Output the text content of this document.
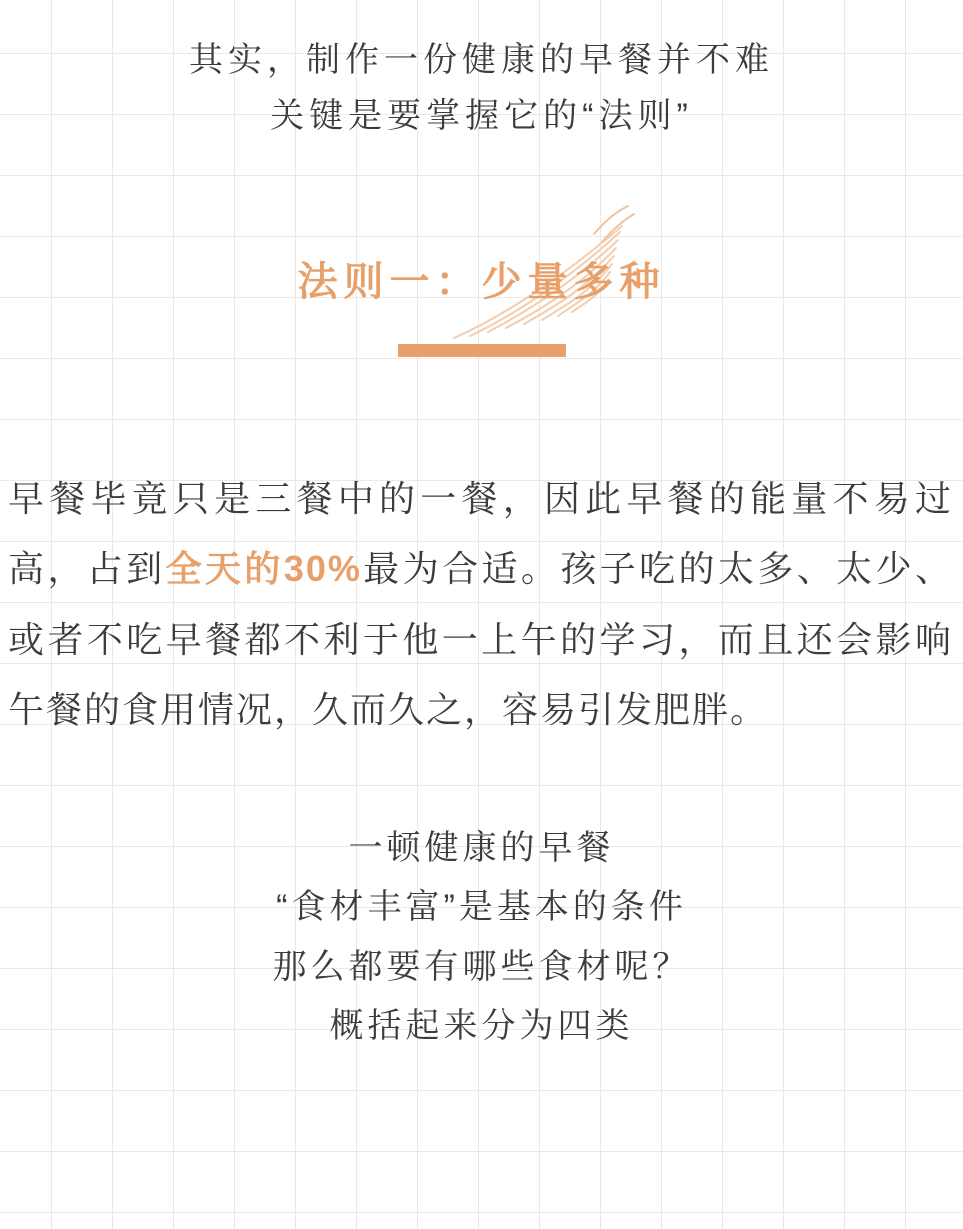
其实，制作一份健康的早餐并不难
关键是要掌握它的“法则”
法则一：少量多种
早餐毕竟只是三餐中的一餐，因此早餐的能量不易过高，占到全天的30%最为合适。孩子吃的太多、太少、或者不吃早餐都不利于他一上午的学习，而且还会影响午餐的食用情况，久而久之，容易引发肥胖。
一顿健康的早餐
“食材丰富”是基本的条件
那么都要有哪些食材呢？
概括起来分为四类
